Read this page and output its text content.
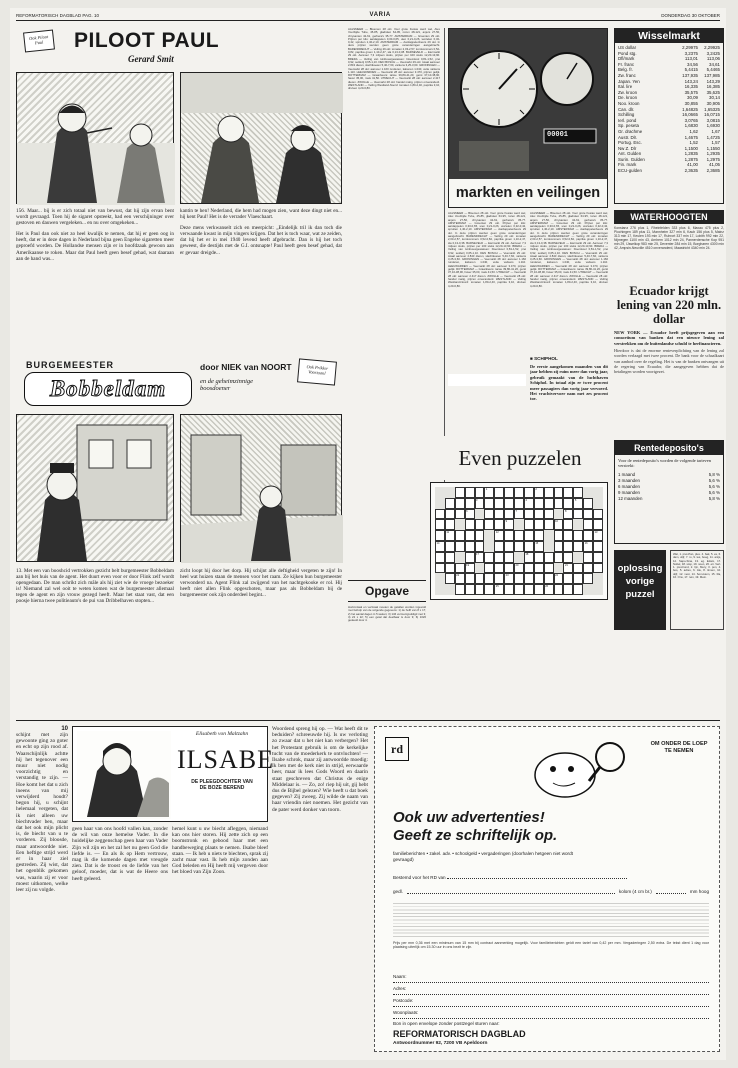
REFORMATORISCH DAGBLAD PAG. 10	VARIA	DONDERDAG 30 OKTOBER
Ook Piloot Paul	PILOOT PAUL
Gerard Smit

156. Maar... bij is er zich totaal niet van bewust, dat hij zijn ervan bent wordt gevraagd. Toen hij de sigaret opsteekt, had een verschijninger over gestoven en dauwen vergeleken... en nu over omgekeken...

Het is Paul dan ook niet zo heel kwalijk te nemen, dat hij er geen oog in heeft, dat er in deze dagen in Nederland bijna geen Engelse sigaretten meer geproefd worden. De Hollandse mensen zijn er in hoofdzaak gewoon aan Amerikaanse te roken. Maar dat Paul heeft geen besef gehad, wat daaraan aan de hand was...

kantin te hen! Nederland, die hem had mogen zien, want deze dingt niet en... hij kent Paul! Het is de verrader Vlaeschaart.

Deze mens verkwanselt zich en meerpicht: „Eindelijk tril ik dan toch die verwaande kwast in mijn vingers krijgen. Dat het is toch waar, wat ze zeiden, dat hij het er in mei 1940 levend heeft afgebracht. Dan is hij het toch geweest, die destijds met de G.I. ontsnapte! Paul heeft geen besef gehad, dat er gevaar dreigde...

BURGEMEESTER
Bobbeldam
door NIEK van NOORT
en de geheimzinnige boosdoener
Ook Prikker Voortaanl
13. Met een van booshcid vertrokken gezicht belt burgemeester Bobbeldam aan bij het huis van de agent. Het duurt even voor er door Flink zelf wordt opengedaan. De man schrikt zich mâle als hij ziet wie de vroege bezoeker is! Niemand zal wel ooit te weten komen wat de burgemeester allemaal tegen de agent en zijn vrouw gezegd heeft. Maar het staat vast, dat een poosje hierna twee politieauto's de pui van Dribbelhaven stopten...
zicht loopt hij door het dorp. Hij schijnt alle deftigheid vergeten te zijn! In heel wat huizen staan de mensen voor het raam. Ze kijken hun burgemeester verwonderd na. Agent Flink zal zwijgend van het nachtgekooke er rol. Hij heeft niet allen Flink opgeschoten, maar pas als Bobbeldam bij de burgemeester ook zijn onderdeel begint...
AALSMEER — Bloemen 28 okt. Voor grote fresias werd wel, Alex Voorbijde Tube, 45-85, gladiolen 64-95, rozen 48-121, anjers 27-50, chrysanten 42-61, gerbera's 35-77. AMSTERDAM — Groenten 29 okt. Prijzen per kilo: aardappelen 0,30-0,65, uien 0,21-0,26, wortelen 0,32-0,42, spruiten 1,40-2,10. AMSTERDAM — Aardappelenbeurs 29 okt. In deze prijzen werden geen grote veranderingen aangebracht. BARENDRECHT — Veiling 29 okt: tomaten 2,03-2,57, komkommers 0,52-0,82, paprika groen 1,10-2,47, sla 0,13-0,38. BARNEVELD — Eiermarkt 29 okt. Aanvoer 7,3 miljoen stuks, prijzen per 100 stuks 12,20-13,90. BREDA — Veiling van tuinbouwgewassen: bloemkool 0,81-1,52, prei 0,92, selderij 0,65-1,10. DEN BOSCH — Veemarkt 29 okt: totaal aanvoer 2.843 dieren, slachtkoeien 5,40-7,60, varkens 3,25-3,60. GRONINGEN — Veemarkt 28 okt: aanvoer 1.160 runderen, kalveren 1.040, vette varkens 1.110. LEEUWARDEN — Veemarkt 28 okt: aanvoer 3.470, prijzen gelijk. ROTTERDAM — Graanbeurs: tarwe 39,80-41,20, gerst 37,10-38,90, haver 35,00, mais 41,50. UTRECHT — Veemarkt 28 okt: aanvoer 2.417 dieren. ZWOLLE — Veemarkt 28 okt: handel matig, prijzen onveranderd. WESTLAND — Veiling Westland-Noord: tomaten 1,80-2,40, paprika 3,10, druiven 4,20-6,80.
00001
markten en veilingen
AALSMEER — Bloemen 28 okt. Voor grote fresias werd wel, Alex Voorbijde Tube, 45-85, gladiolen 64-95, rozen 48-121, anjers 27-50, chrysanten 42-61, gerbera's 35-77. AMSTERDAM — Groenten 29 okt. Prijzen per kilo: aardappelen 0,30-0,65, uien 0,21-0,26, wortelen 0,32-0,42, spruiten 1,40-2,10. AMSTERDAM — Aardappelenbeurs 29 okt. In deze prijzen werden geen grote veranderingen aangebracht. BARENDRECHT — Veiling 29 okt: tomaten 2,03-2,57, komkommers 0,52-0,82, paprika groen 1,10-2,47, sla 0,13-0,38. BARNEVELD — Eiermarkt 29 okt. Aanvoer 7,3 miljoen stuks, prijzen per 100 stuks 12,20-13,90. BREDA — Veiling van tuinbouwgewassen: bloemkool 0,81-1,52, prei 0,92, selderij 0,65-1,10. DEN BOSCH — Veemarkt 29 okt: totaal aanvoer 2.843 dieren, slachtkoeien 5,40-7,60, varkens 3,25-3,60. GRONINGEN — Veemarkt 28 okt: aanvoer 1.160 runderen, kalveren 1.040, vette varkens 1.110. LEEUWARDEN — Veemarkt 28 okt: aanvoer 3.470, prijzen gelijk. ROTTERDAM — Graanbeurs: tarwe 39,80-41,20, gerst 37,10-38,90, haver 35,00, mais 41,50. UTRECHT — Veemarkt 28 okt: aanvoer 2.417 dieren. ZWOLLE — Veemarkt 28 okt: handel matig, prijzen onveranderd. WESTLAND — Veiling Westland-Noord: tomaten 1,80-2,40, paprika 3,10, druiven 4,20-6,80.
AALSMEER — Bloemen 28 okt. Voor grote fresias werd wel, Alex Voorbijde Tube, 45-85, gladiolen 64-95, rozen 48-121, anjers 27-50, chrysanten 42-61, gerbera's 35-77. AMSTERDAM — Groenten 29 okt. Prijzen per kilo: aardappelen 0,30-0,65, uien 0,21-0,26, wortelen 0,32-0,42, spruiten 1,40-2,10. AMSTERDAM — Aardappelenbeurs 29 okt. In deze prijzen werden geen grote veranderingen aangebracht. BARENDRECHT — Veiling 29 okt: tomaten 2,03-2,57, komkommers 0,52-0,82, paprika groen 1,10-2,47, sla 0,13-0,38. BARNEVELD — Eiermarkt 29 okt. Aanvoer 7,3 miljoen stuks, prijzen per 100 stuks 12,20-13,90. BREDA — Veiling van tuinbouwgewassen: bloemkool 0,81-1,52, prei 0,92, selderij 0,65-1,10. DEN BOSCH — Veemarkt 29 okt: totaal aanvoer 2.843 dieren, slachtkoeien 5,40-7,60, varkens 3,25-3,60. GRONINGEN — Veemarkt 28 okt: aanvoer 1.160 runderen, kalveren 1.040, vette varkens 1.110. LEEUWARDEN — Veemarkt 28 okt: aanvoer 3.470, prijzen gelijk. ROTTERDAM — Graanbeurs: tarwe 39,80-41,20, gerst 37,10-38,90, haver 35,00, mais 41,50. UTRECHT — Veemarkt 28 okt: aanvoer 2.417 dieren. ZWOLLE — Veemarkt 28 okt: handel matig, prijzen onveranderd. WESTLAND — Veiling Westland-Noord: tomaten 1,80-2,40, paprika 3,10, druiven 4,20-6,80.
■ SCHIPHOL
De eerste aangekomen maanden van dit jaar hebben zij ruim meer dan vorig jaar, gebruik gemaakt van de luchthaven Schiphol. In totaal zijn er twee procent meer passagiers dan vorig jaar vervoerd. Het vrachtvervoer nam met zes procent toe.
Even puzzelen
1	2
3	4	5
6	7	8
9	10
11	12	13
14	15	16
17	18
19	20	21
22	23	24
25	26
Opgave
Horizontaal en verticaal moeten de getallen worden ingevuld met behulp van de volgende gegevens: 1) de helft van 8 x 17; 2) het aantal dagen in 5 weken; 3) 146 vermenigvuldigd met 3; 4) 22 x 22; 5) een getal dat deelbaar is door 9; 6) 1020 gedeeld door 4.
Wisselmarkt
US dollar	2,29975	2,29925
Pond stg.	3,2375	3,2425
Dfl/mark	113,01	113,06
Fr. franc	34,56	34,61
Belg. fr.	5,4415	5,4465
Zw. franc	137,935	137,985
Japan. Yen	143,24	143,29
Ital. lire	16,335	16,385
Zw. kroon	35,575	35,625
De. kroon	30,09	30,14
Noo. kroon	30,855	30,905
Can. dlr.	1,64825	1,65325
Schilling	16,0665	16,0715
Ierl. pond	3,0765	3,0815
Sp. peseta	1,6830	1,6930
Gr. drachme	1,62	1,67
Austr. Dlr.	1,4675	1,4725
Portug. Esc.	1,52	1,57
Nw Z. Dlr	1,1500	1,1550
Ant. Gulden	1,2835	1,2935
Surin. Gulden	1,2875	1,2975
Fin. mark	41,00	41,05
ECU-gulden	2,3635	2,3685
WATERHOOGTEN
Konstanz 276 plus 1, Rheinfelden 333 plus 6, Maxau 475 plus 2, Plochingen 189 plus 11, Mannheim 327 min 6, Kaub 156 plus 5, Mainz 313 min 17, Keulen 193 min 17, Ruhrort 337 min 17, Lobith 992 min 22, Nijmegen 1100 min 43, Arnhem 1012 min 24, Pannerdensche Kop 951 min 29, IJsselkop 983 min 25, Deventer 284 min 15, Borgharen 4300 min 42, Ampsin-Neuville 4510 onveranderd, Maastricht 4340 min 24.
Ecuador krijgt lening van 220 mln. dollar
NEW YORK — Ecuador heeft prijsgegeven aan een consortium van banken dat een nieuwe lening zal verstrekken om de buitenlandse schuld te herfinancieren.
Hierdoor is dat de enorme renteverplichting van de lening zal worden verlaagd met twee procent. De bank voor de schaalkaart van aanbod over de regeling. Het is van de banken ontvangen uit de regering van Ecuador, die aangegeven hebben dat de betalingen worden voortgezet.
Rentedeposito's
Voor de rentedeposito's worden de volgende tarieven verstrekt:
1 maand	5,8 %
3 maanden	5,6 %
6 maanden	5,6 %
9 maanden	5,6 %
12 maanden	5,8 %
oplossing vorige puzzel
Wat, 1. pret-Pan, plex. 4. bak, 5. es, 6. dam, olijf, 7. ro, 9. tes, boeg, 11. anijs, 12. Sapo-Sina, 13. eg. Edam, 17. Nobel, 18. stop, 19. noen, 20. eri. Vert. 1. pret-hond, 2. lijn, Mery, 3. pon, 4. bos, 5. adres, 6. Ale, 8. tinnen, 10. olijf, 12. vest, 14. Som-kiem, 15. Ra, 16. Ons, 17. rein, 19. Mein.
10
schijnt met zijn gewoonte ging zo goter en echt op zijn rood af. Waarschijnlijk achtte hij het tegenover een muur niet nodig voorzichtig en verstandig te zijn. — Hoe komt het dat u zich ineens van mij verwijderd houdt? begon hij, u schijnt helemaal vergeten, dat ik niet alleen uw biechtvader ben, maar dat het ook mijn plicht is, de biecht van u te vorderen. Zij bloosde, maar antwoordde niet. Een heftige strijd werd er in haar ziel gestreden. Zij wist, dat het ogenblik gekomen was, waarin zij er voor moest uitkomen, welke leer zij nu volgde.
Elisabeth von Maltzahn
ILSABE
DE PLEEGDOCHTER VAN DE BOZE BEREND
geen haar van ons hoofd vallen kan, zonder de wil van onze hemelse Vader. In die huidelijke zeggenschap geen haar van Vader Zijn wil zijn en het zal het nu geen God die liefde is. — En als ik op Hem vertrouw, mag ik die komende dagen met vreugde zien. Dat is de troost en de liefde van het geloof, moeder, dat is wat de Heere ons heeft geleerd.
hemel kunt u uw biecht afleggen, niemand kan ons hier storen. Hij zette zich op een boomstronk en gebood haar met een handbeweging plaats te nemen. Ilsabe bleef staan. — Ik heb u niets te biechten, sprak zij zacht maar vast. Ik heb mijn zonden aan God beleden en Hij heeft mij vergeven door het bloed van Zijn Zoon.
Woordend spreng hij op. — Wat heeft dit te beduiden? schreeuwde hij. Is uw verloting zo zwaar dat u het niet kan verbergen? Het het Protestant gebruik is om de kerkelijke tucht van de moederkerk te ontvluchten! — Ilsabe schrok, maar zij antwoordde moedig: Ik ben met de kerk niet in strijd, eerwaarde heer, maar ik lees Gods Woord en daarin staat geschreven dat Christus de enige Middelaar is. — Zo, zo! riep hij uit, gij hebt dus de Bijbel gelezen? Wie heeft u dat boek gegeven? Zij zweeg. Zij wilde de naam van haar vriendin niet noemen. Het gezicht van de pater werd donker van toorn.
rd	OM ONDER DE LOEP TE NEMEN
Ook uw advertenties!
Geeft ze schriftelijk op.
familieberichten • zakel. adv. • schoolgeld • vergaderingen (doorhalen hetgeen niet wordt gevraagd)
Bestemd voor het RD van
gedl.	kolom (4 cm br.)	mm hoog
Prijs per mm 0,36 met een minimum van 15 mm bij contract aanmerking mogelijk. Voor familieberichten geldt een tarief van 0,42 per mm. Vergaderingen 2,50 extra. De tekst dient 1 dag voor plaatsing uiterlijk om 15.30 uur in ons bezit te zijn.
Naam:
Adres:
Postcode:
Woonplaats:
Bon in open envelope zonder postzegel sturen naar:
REFORMATORISCH DAGBLAD
Antwoordnummer 92, 7200 VB Apeldoorn
